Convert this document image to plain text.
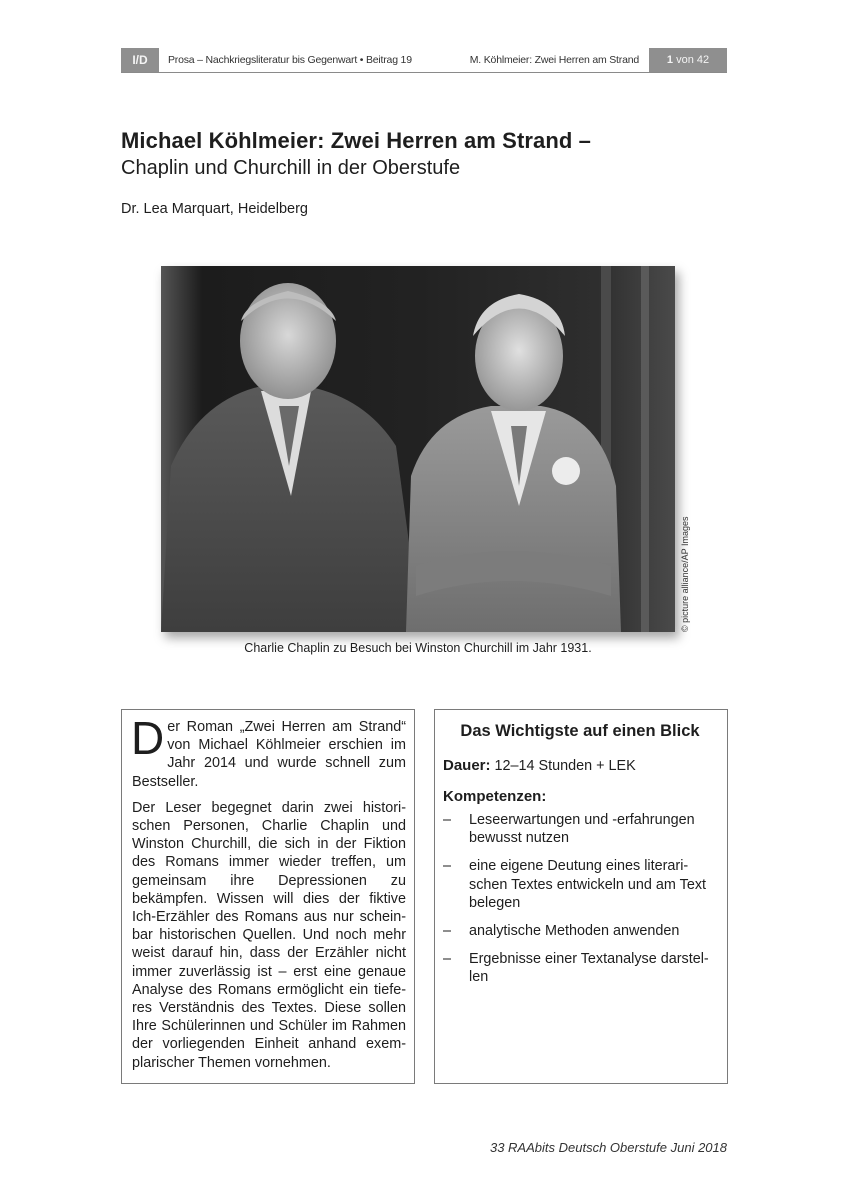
I/D	Prosa – Nachkriegsliteratur bis Gegenwart • Beitrag 19	M. Köhlmeier: Zwei Herren am Strand	1 von 42
Michael Köhlmeier: Zwei Herren am Strand –
Chaplin und Churchill in der Oberstufe
Dr. Lea Marquart, Heidelberg
© picture alliance/AP Images
Charlie Chaplin zu Besuch bei Winston Churchill im Jahr 1931.

Der Roman „Zwei Herren am Strand“ von Michael Köhlmeier erschien im Jahr 2014 und wurde schnell zum Bestseller.

Der Leser begegnet darin zwei historischen Personen, Charlie Chaplin und Winston Churchill, die sich in der Fiktion des Romans immer wieder treffen, um gemeinsam ihre Depressionen zu bekämpfen. Wissen will dies der fiktive Ich-Erzähler des Romans aus nur scheinbar historischen Quellen. Und noch mehr weist darauf hin, dass der Erzähler nicht immer zuverlässig ist – erst eine genaue Analyse des Romans ermöglicht ein tieferes Verständnis des Textes. Diese sollen Ihre Schülerinnen und Schüler im Rahmen der vorliegenden Einheit anhand exemplarischer Themen vornehmen.

Das Wichtigste auf einen Blick
Dauer: 12–14 Stunden + LEK
Kompetenzen:
– Leseerwartungen und -erfahrungen bewusst nutzen
– eine eigene Deutung eines literarischen Textes entwickeln und am Text belegen
– analytische Methoden anwenden
– Ergebnisse einer Textanalyse darstellen
33 RAAbits Deutsch Oberstufe Juni 2018
